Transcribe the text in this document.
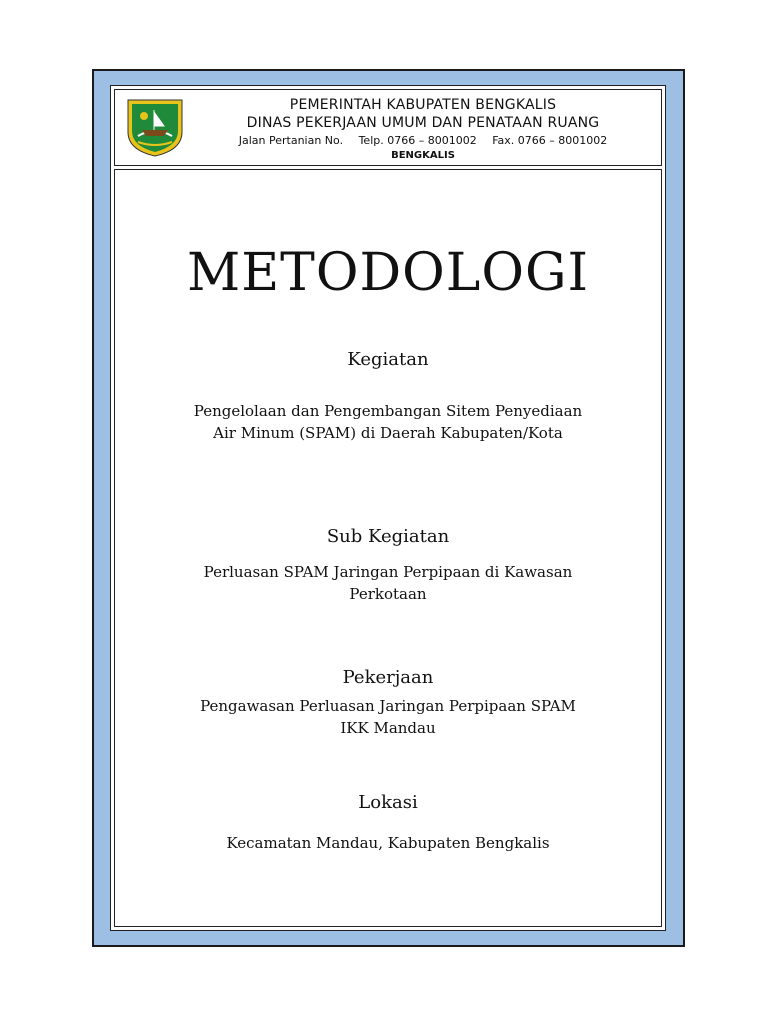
PEMERINTAH KABUPATEN BENGKALIS
DINAS PEKERJAAN UMUM DAN PENATAAN RUANG
Jalan Pertanian No. Telp. 0766 – 8001002 Fax. 0766 – 8001002
BENGKALIS
METODOLOGI
Kegiatan
Pengelolaan dan Pengembangan Sitem Penyediaan
Air Minum (SPAM) di Daerah Kabupaten/Kota
Sub Kegiatan
Perluasan SPAM Jaringan Perpipaan di Kawasan
Perkotaan
Pekerjaan
Pengawasan Perluasan Jaringan Perpipaan SPAM
IKK Mandau
Lokasi
Kecamatan Mandau, Kabupaten Bengkalis
